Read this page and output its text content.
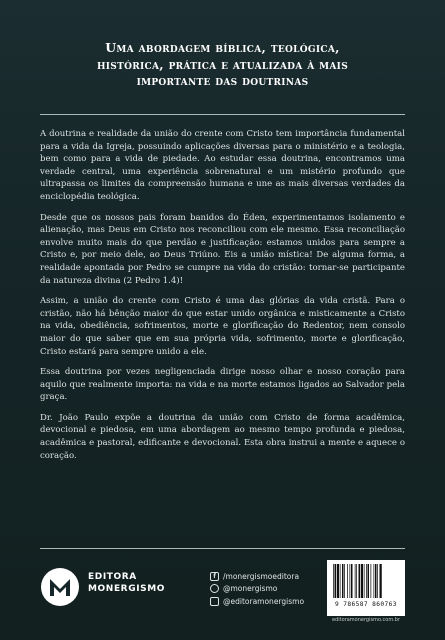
Uma abordagem bíblica, teológica,
histórica, prática e atualizada à mais
importante das doutrinas

A doutrina e realidade da união do crente com Cristo tem importância fundamental para a vida da Igreja, possuindo aplicações diversas para o ministério e a teologia, bem como para a vida de piedade. Ao estudar essa doutrina, encontramos uma verdade central, uma experiência sobrenatural e um mistério profundo que ultrapassa os limites da compreensão humana e une as mais diversas verdades da enciclopédia teológica.

Desde que os nossos pais foram banidos do Éden, experimentamos isolamento e alienação, mas Deus em Cristo nos reconciliou com ele mesmo. Essa reconciliação envolve muito mais do que perdão e justificação: estamos unidos para sempre a Cristo e, por meio dele, ao Deus Triúno. Eis a união mística! De alguma forma, a realidade apontada por Pedro se cumpre na vida do cristão: tornar-se participante da natureza divina (2 Pedro 1.4)!

Assim, a união do crente com Cristo é uma das glórias da vida cristã. Para o cristão, não há bênção maior do que estar unido orgânica e misticamente a Cristo na vida, obediência, sofrimentos, morte e glorificação do Redentor, nem consolo maior do que saber que em sua própria vida, sofrimento, morte e glorificação, Cristo estará para sempre unido a ele.

Essa doutrina por vezes negligenciada dirige nosso olhar e nosso coração para aquilo que realmente importa: na vida e na morte estamos ligados ao Salvador pela graça.

Dr. João Paulo expõe a doutrina da união com Cristo de forma acadêmica, devocional e piedosa, em uma abordagem ao mesmo tempo profunda e piedosa, acadêmica e pastoral, edificante e devocional. Esta obra instrui a mente e aquece o coração.

EDITORA
MONERGISMO
f /monergismoeditora
@monergismo
@editoramonergismo	9 786587 860763
editoramonergismo.com.br
